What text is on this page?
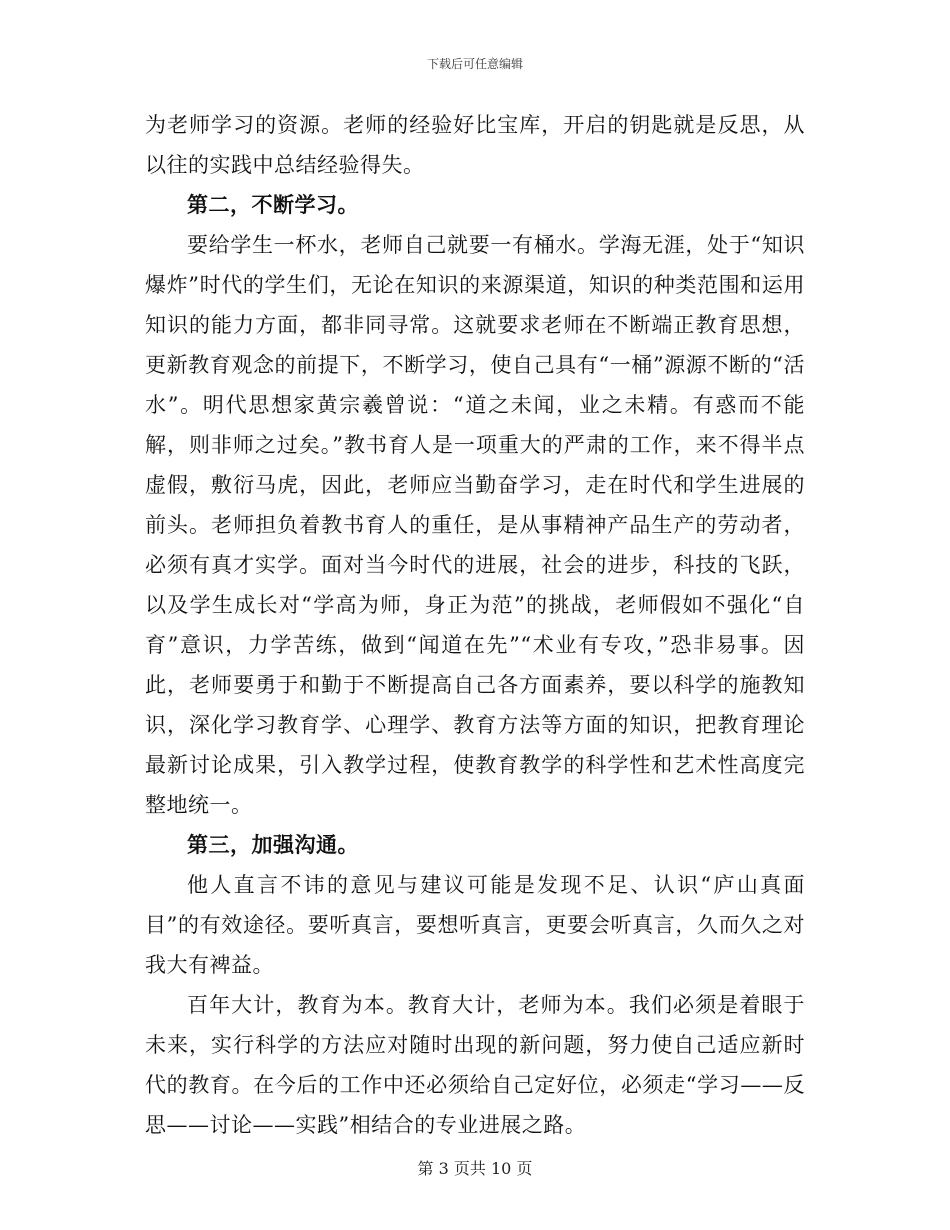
下载后可任意编辑

为老师学习的资源。老师的经验好比宝库，开启的钥匙就是反思，从以往的实践中总结经验得失。

第二，不断学习。

要给学生一杯水，老师自己就要一有桶水。学海无涯，处于“知识爆炸”时代的学生们，无论在知识的来源渠道，知识的种类范围和运用知识的能力方面，都非同寻常。这就要求老师在不断端正教育思想，更新教育观念的前提下，不断学习，使自己具有“一桶”源源不断的“活水”。明代思想家黄宗羲曾说：“道之未闻，业之未精。有惑而不能解，则非师之过矣。”教书育人是一项重大的严肃的工作，来不得半点虚假，敷衍马虎，因此，老师应当勤奋学习，走在时代和学生进展的前头。老师担负着教书育人的重任，是从事精神产品生产的劳动者，必须有真才实学。面对当今时代的进展，社会的进步，科技的飞跃，以及学生成长对“学高为师，身正为范”的挑战，老师假如不强化“自育”意识，力学苦练，做到“闻道在先”“术业有专攻，”恐非易事。因此，老师要勇于和勤于不断提高自己各方面素养，要以科学的施教知识，深化学习教育学、心理学、教育方法等方面的知识，把教育理论最新讨论成果，引入教学过程，使教育教学的科学性和艺术性高度完整地统一。

第三，加强沟通。

他人直言不讳的意见与建议可能是发现不足、认识“庐山真面目”的有效途径。要听真言，要想听真言，更要会听真言，久而久之对我大有裨益。

百年大计，教育为本。教育大计，老师为本。我们必须是着眼于未来，实行科学的方法应对随时出现的新问题，努力使自己适应新时代的教育。在今后的工作中还必须给自己定好位，必须走“学习——反思——讨论——实践”相结合的专业进展之路。

第 3 页共 10 页
